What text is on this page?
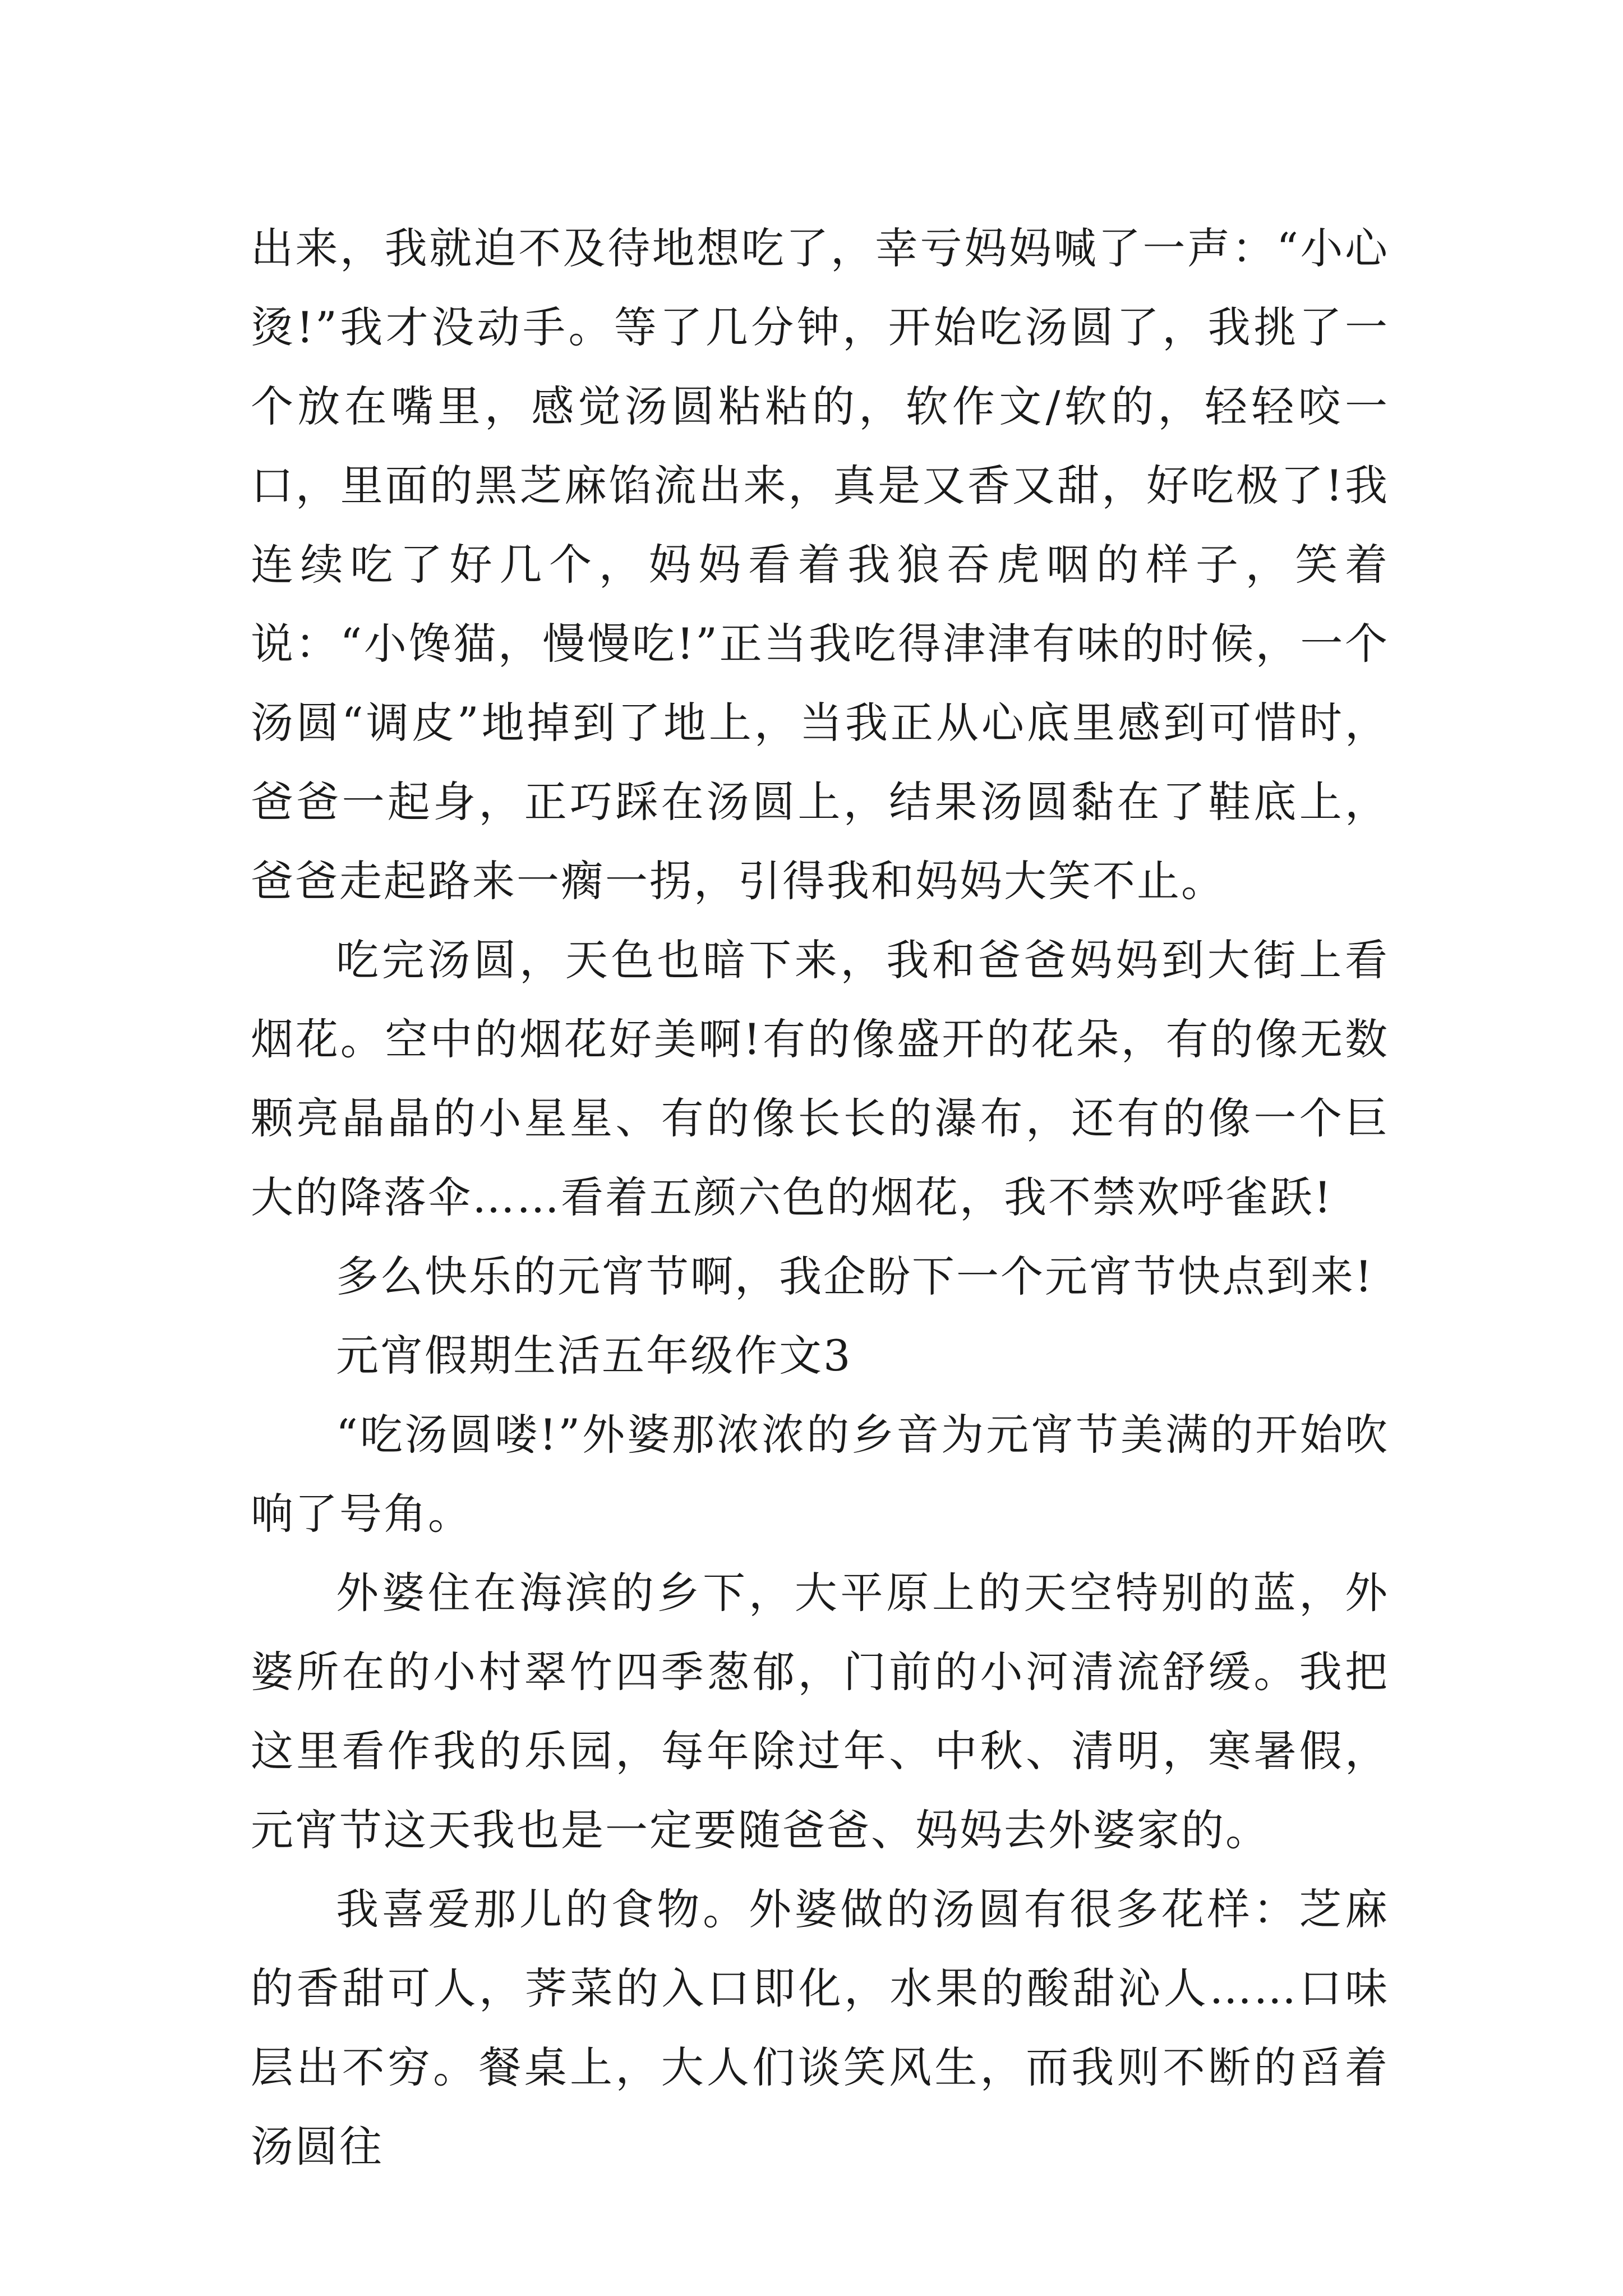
出来，我就迫不及待地想吃了，幸亏妈妈喊了一声：“小心烫!”我才没动手。等了几分钟，开始吃汤圆了，我挑了一个放在嘴里，感觉汤圆粘粘的，软作文/软的，轻轻咬一口，里面的黑芝麻馅流出来，真是又香又甜，好吃极了!我连续吃了好几个，妈妈看着我狼吞虎咽的样子，笑着说：“小馋猫，慢慢吃!”正当我吃得津津有味的时候，一个汤圆“调皮”地掉到了地上，当我正从心底里感到可惜时，爸爸一起身，正巧踩在汤圆上，结果汤圆黏在了鞋底上，爸爸走起路来一瘸一拐，引得我和妈妈大笑不止。

吃完汤圆，天色也暗下来，我和爸爸妈妈到大街上看烟花。空中的烟花好美啊!有的像盛开的花朵，有的像无数颗亮晶晶的小星星、有的像长长的瀑布，还有的像一个巨大的降落伞……看着五颜六色的烟花，我不禁欢呼雀跃!

多么快乐的元宵节啊，我企盼下一个元宵节快点到来!

元宵假期生活五年级作文3

“吃汤圆喽!”外婆那浓浓的乡音为元宵节美满的开始吹响了号角。

外婆住在海滨的乡下，大平原上的天空特别的蓝，外婆所在的小村翠竹四季葱郁，门前的小河清流舒缓。我把这里看作我的乐园，每年除过年、中秋、清明，寒暑假，元宵节这天我也是一定要随爸爸、妈妈去外婆家的。

我喜爱那儿的食物。外婆做的汤圆有很多花样：芝麻的香甜可人，荠菜的入口即化，水果的酸甜沁人……口味层出不穷。餐桌上，大人们谈笑风生，而我则不断的舀着汤圆往
